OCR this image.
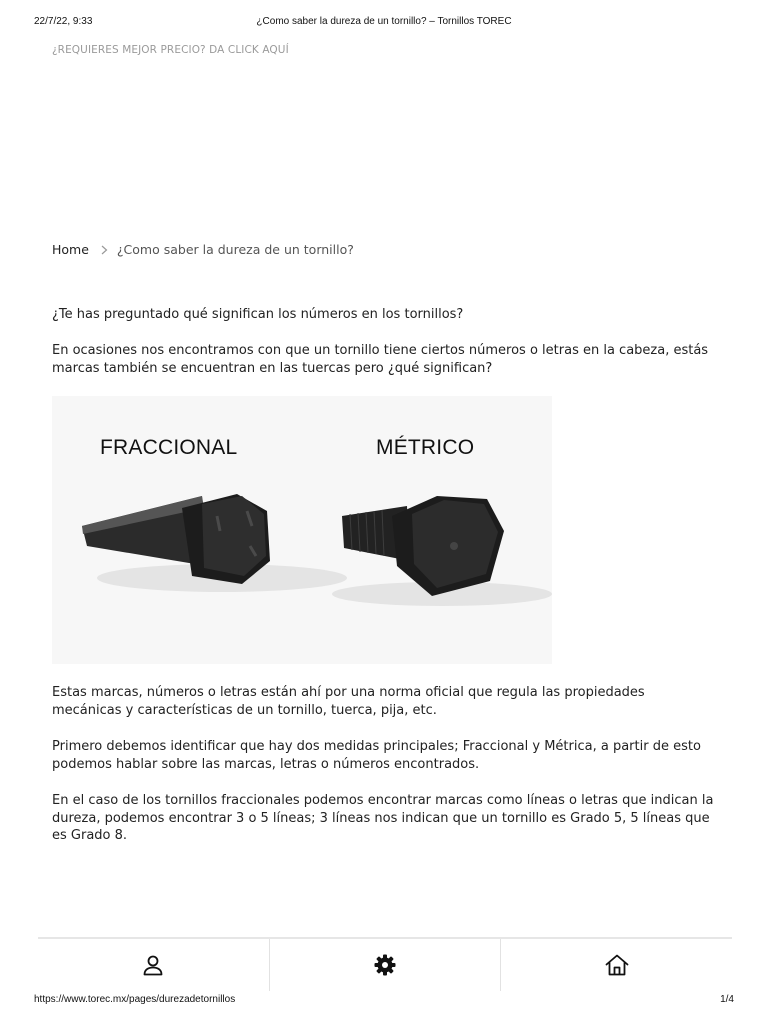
22/7/22, 9:33	¿Como saber la dureza de un tornillo? – Tornillos TOREC
¿REQUIERES MEJOR PRECIO? DA CLICK AQUÍ
Home ¿Como saber la dureza de un tornillo?

¿Te has preguntado qué significan los números en los tornillos?

En ocasiones nos encontramos con que un tornillo tiene ciertos números o letras en la cabeza, estás marcas también se encuentran en las tuercas pero ¿qué significan?

FRACCIONAL	MÉTRICO

Estas marcas, números o letras están ahí por una norma oficial que regula las propiedades mecánicas y características de un tornillo, tuerca, pija, etc.

Primero debemos identificar que hay dos medidas principales; Fraccional y Métrica, a partir de esto podemos hablar sobre las marcas, letras o números encontrados.

En el caso de los tornillos fraccionales podemos encontrar marcas como líneas o letras que indican la dureza, podemos encontrar 3 o 5 líneas; 3 líneas nos indican que un tornillo es Grado 5, 5 líneas que es Grado 8.

https://www.torec.mx/pages/durezadetornillos	1/4
